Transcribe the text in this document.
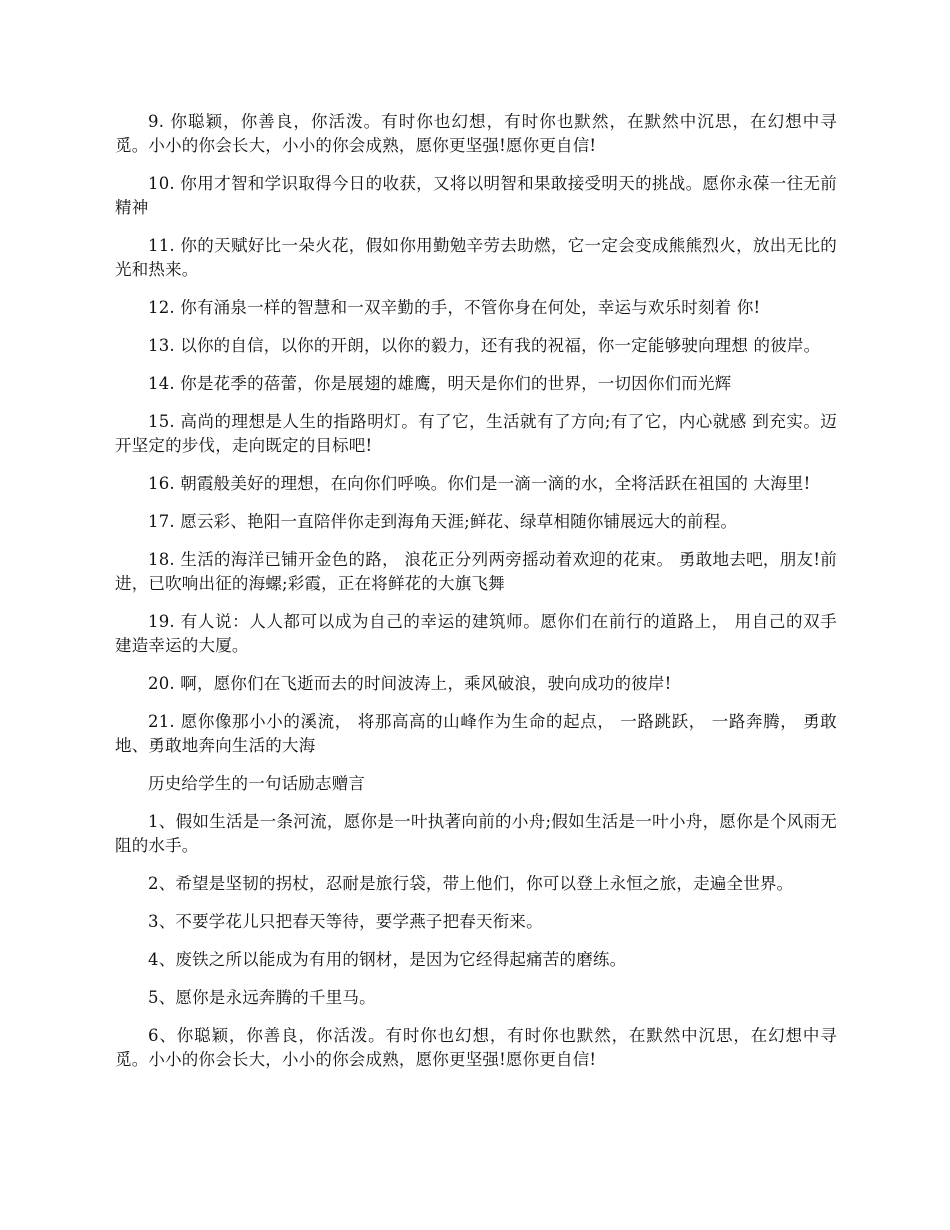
9. 你聪颖，你善良，你活泼。有时你也幻想，有时你也默然，在默然中沉思，在幻想中寻觅。小小的你会长大，小小的你会成熟，愿你更坚强!愿你更自信!

10. 你用才智和学识取得今日的收获，又将以明智和果敢接受明天的挑战。愿你永葆一往无前精神

11. 你的天赋好比一朵火花，假如你用勤勉辛劳去助燃，它一定会变成熊熊烈火，放出无比的光和热来。

12. 你有涌泉一样的智慧和一双辛勤的手，不管你身在何处，幸运与欢乐时刻着 你!

13. 以你的自信，以你的开朗，以你的毅力，还有我的祝福，你一定能够驶向理想 的彼岸。

14. 你是花季的蓓蕾，你是展翅的雄鹰，明天是你们的世界，一切因你们而光辉

15. 高尚的理想是人生的指路明灯。有了它，生活就有了方向;有了它，内心就感 到充实。迈开坚定的步伐，走向既定的目标吧!

16. 朝霞般美好的理想，在向你们呼唤。你们是一滴一滴的水，全将活跃在祖国的 大海里!

17. 愿云彩、艳阳一直陪伴你走到海角天涯;鲜花、绿草相随你铺展远大的前程。

18. 生活的海洋已铺开金色的路， 浪花正分列两旁摇动着欢迎的花束。 勇敢地去吧，朋友!前进，已吹响出征的海螺;彩霞，正在将鲜花的大旗飞舞

19. 有人说：人人都可以成为自己的幸运的建筑师。愿你们在前行的道路上， 用自己的双手建造幸运的大厦。

20. 啊，愿你们在飞逝而去的时间波涛上，乘风破浪，驶向成功的彼岸!

21. 愿你像那小小的溪流， 将那高高的山峰作为生命的起点， 一路跳跃， 一路奔腾， 勇敢地、勇敢地奔向生活的大海

历史给学生的一句话励志赠言

1、假如生活是一条河流，愿你是一叶执著向前的小舟;假如生活是一叶小舟，愿你是个风雨无阻的水手。

2、希望是坚韧的拐杖，忍耐是旅行袋，带上他们，你可以登上永恒之旅，走遍全世界。

3、不要学花儿只把春天等待，要学燕子把春天衔来。

4、废铁之所以能成为有用的钢材，是因为它经得起痛苦的磨练。

5、愿你是永远奔腾的千里马。

6、你聪颖，你善良，你活泼。有时你也幻想，有时你也默然，在默然中沉思，在幻想中寻觅。小小的你会长大，小小的你会成熟，愿你更坚强!愿你更自信!
